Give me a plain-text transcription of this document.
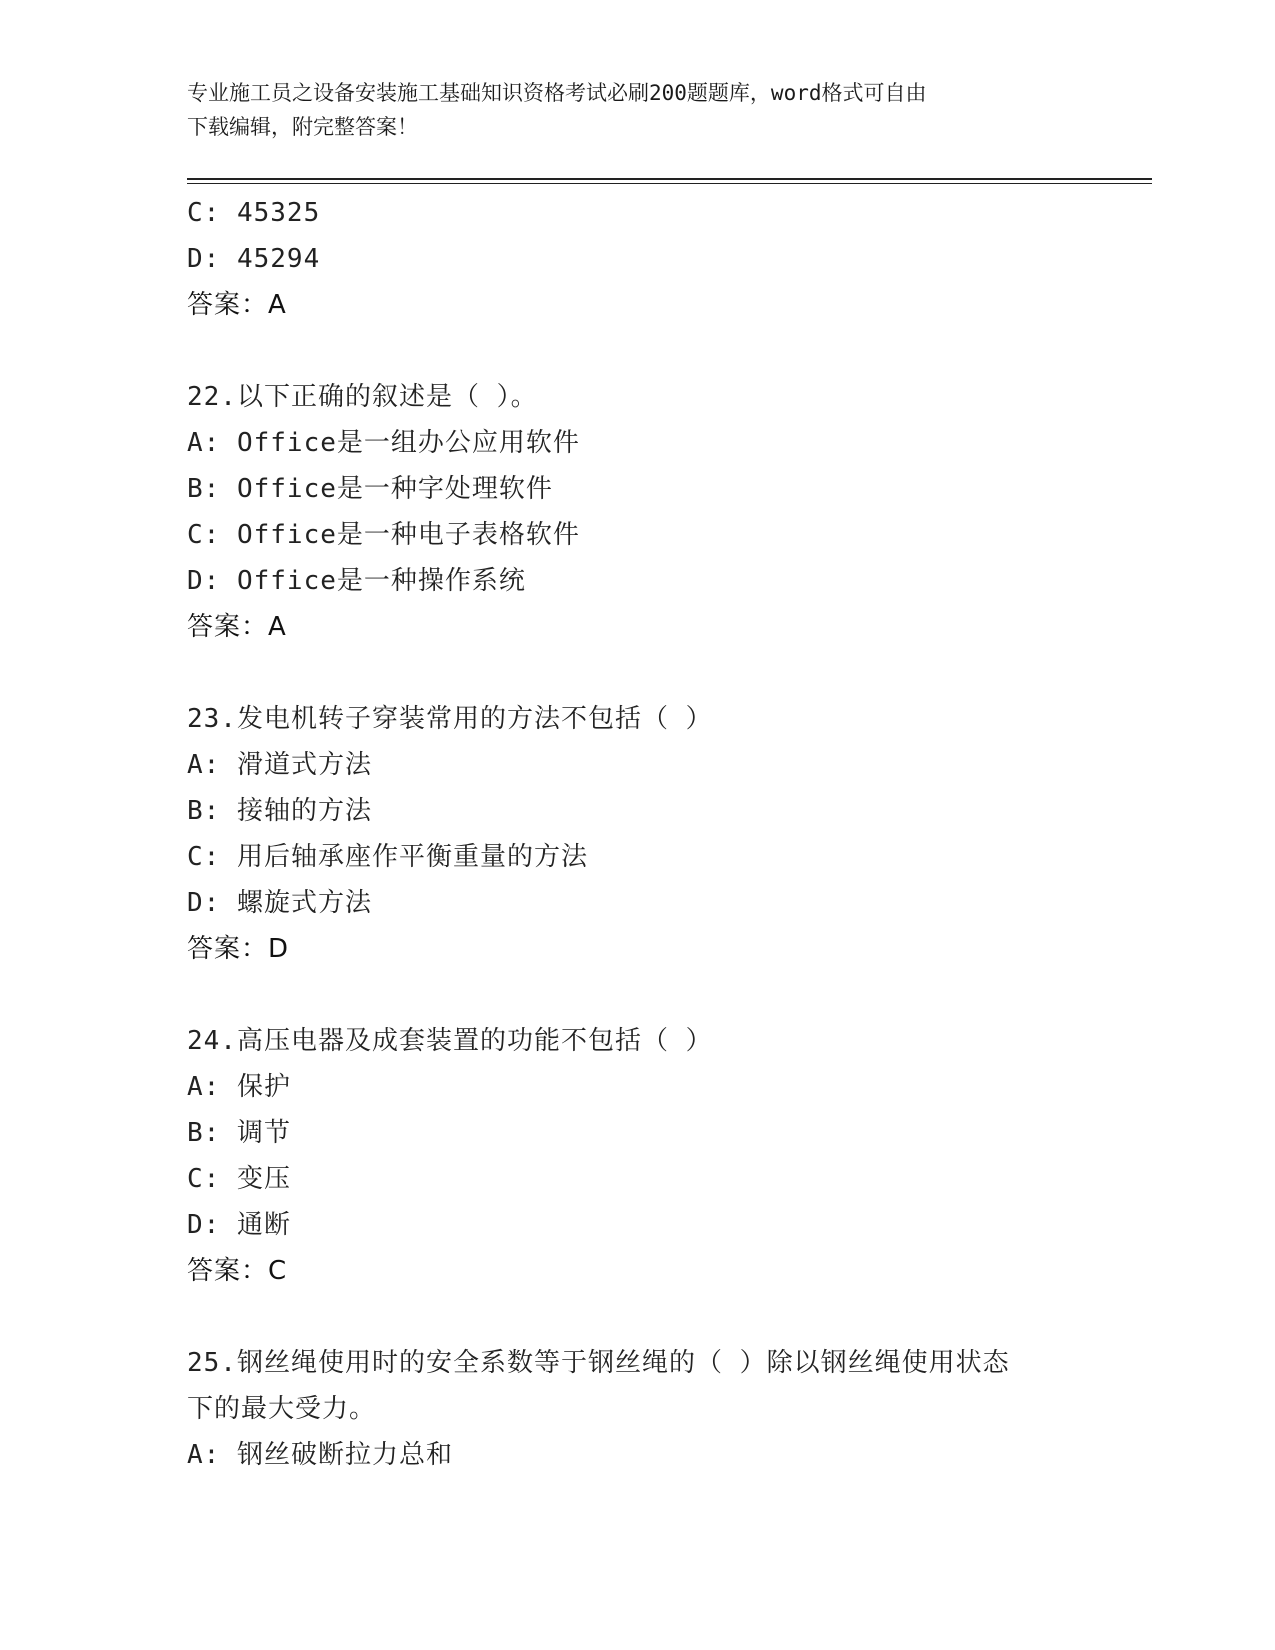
专业施工员之设备安装施工基础知识资格考试必刷200题题库，word格式可自由
下载编辑，附完整答案！
C: 45325
D: 45294
答案：A
22.以下正确的叙述是（ ）。
A: Office是一组办公应用软件
B: Office是一种字处理软件
C: Office是一种电子表格软件
D: Office是一种操作系统
答案：A
23.发电机转子穿装常用的方法不包括（ ）
A: 滑道式方法
B: 接轴的方法
C: 用后轴承座作平衡重量的方法
D: 螺旋式方法
答案：D
24.高压电器及成套装置的功能不包括（ ）
A: 保护
B: 调节
C: 变压
D: 通断
答案：C
25.钢丝绳使用时的安全系数等于钢丝绳的（ ）除以钢丝绳使用状态
下的最大受力。
A: 钢丝破断拉力总和
